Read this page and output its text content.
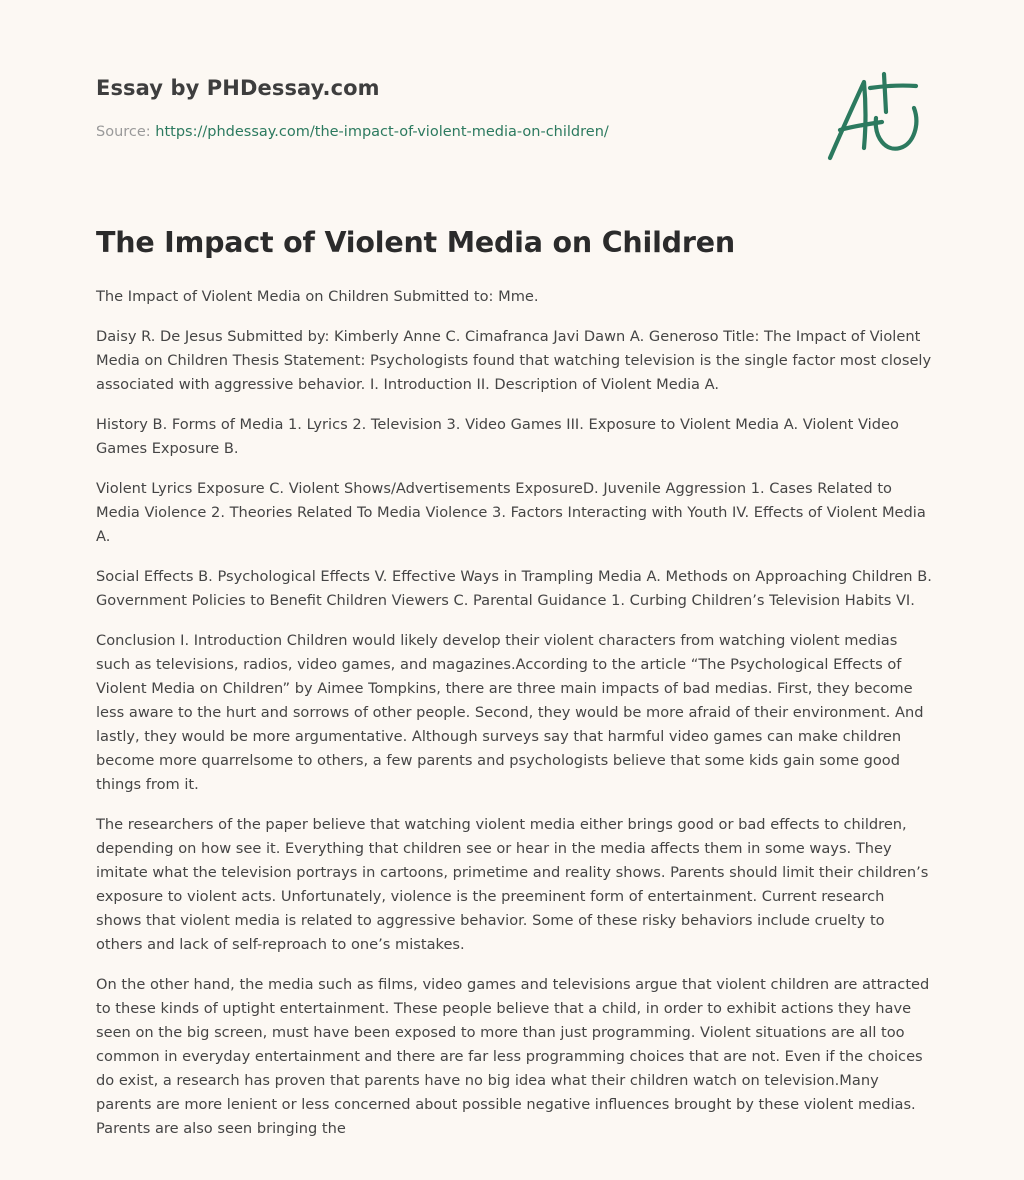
Essay by PHDessay.com
Source: https://phdessay.com/the-impact-of-violent-media-on-children/
The Impact of Violent Media on Children

The Impact of Violent Media on Children Submitted to: Mme.

Daisy R. De Jesus Submitted by: Kimberly Anne C. Cimafranca Javi Dawn A. Generoso Title: The Impact of Violent Media on Children Thesis Statement: Psychologists found that watching television is the single factor most closely associated with aggressive behavior. I. Introduction II. Description of Violent Media A.

History B. Forms of Media 1. Lyrics 2. Television 3. Video Games III. Exposure to Violent Media A. Violent Video Games Exposure B.

Violent Lyrics Exposure C. Violent Shows/Advertisements ExposureD. Juvenile Aggression 1. Cases Related to Media Violence 2. Theories Related To Media Violence 3. Factors Interacting with Youth IV. Effects of Violent Media A.

Social Effects B. Psychological Effects V. Effective Ways in Trampling Media A. Methods on Approaching Children B. Government Policies to Benefit Children Viewers C. Parental Guidance 1. Curbing Children’s Television Habits VI.

Conclusion I. Introduction Children would likely develop their violent characters from watching violent medias such as televisions, radios, video games, and magazines.According to the article “The Psychological Effects of Violent Media on Children” by Aimee Tompkins, there are three main impacts of bad medias. First, they become less aware to the hurt and sorrows of other people. Second, they would be more afraid of their environment. And lastly, they would be more argumentative. Although surveys say that harmful video games can make children become more quarrelsome to others, a few parents and psychologists believe that some kids gain some good things from it.

The researchers of the paper believe that watching violent media either brings good or bad effects to children, depending on how see it. Everything that children see or hear in the media affects them in some ways. They imitate what the television portrays in cartoons, primetime and reality shows. Parents should limit their children’s exposure to violent acts. Unfortunately, violence is the preeminent form of entertainment. Current research shows that violent media is related to aggressive behavior. Some of these risky behaviors include cruelty to others and lack of self-reproach to one’s mistakes.

On the other hand, the media such as films, video games and televisions argue that violent children are attracted to these kinds of uptight entertainment. These people believe that a child, in order to exhibit actions they have seen on the big screen, must have been exposed to more than just programming. Violent situations are all too common in everyday entertainment and there are far less programming choices that are not. Even if the choices do exist, a research has proven that parents have no big idea what their children watch on television.Many parents are more lenient or less concerned about possible negative influences brought by these violent medias. Parents are also seen bringing the
